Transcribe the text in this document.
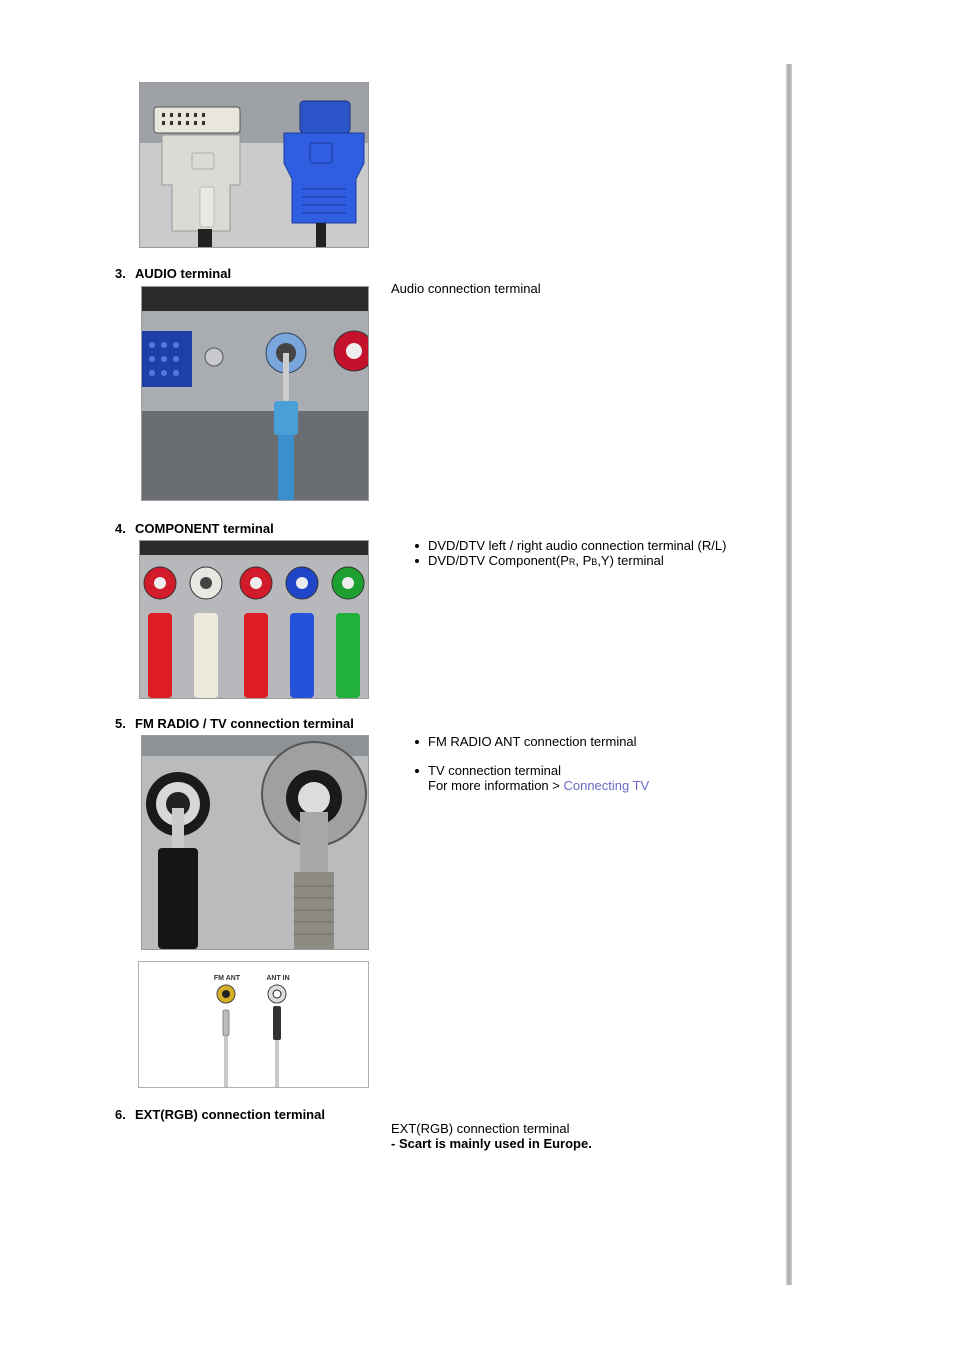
3. AUDIO terminal
Audio connection terminal
4. COMPONENT terminal
DVD/DTV left / right audio connection terminal (R/L)
DVD/DTV Component(PR, PB,Y) terminal
5. FM RADIO / TV connection terminal
FM RADIO ANT connection terminal
TV connection terminal
For more information > Connecting TV
FM ANT	ANT IN
6. EXT(RGB) connection terminal
EXT(RGB) connection terminal
- Scart is mainly used in Europe.
